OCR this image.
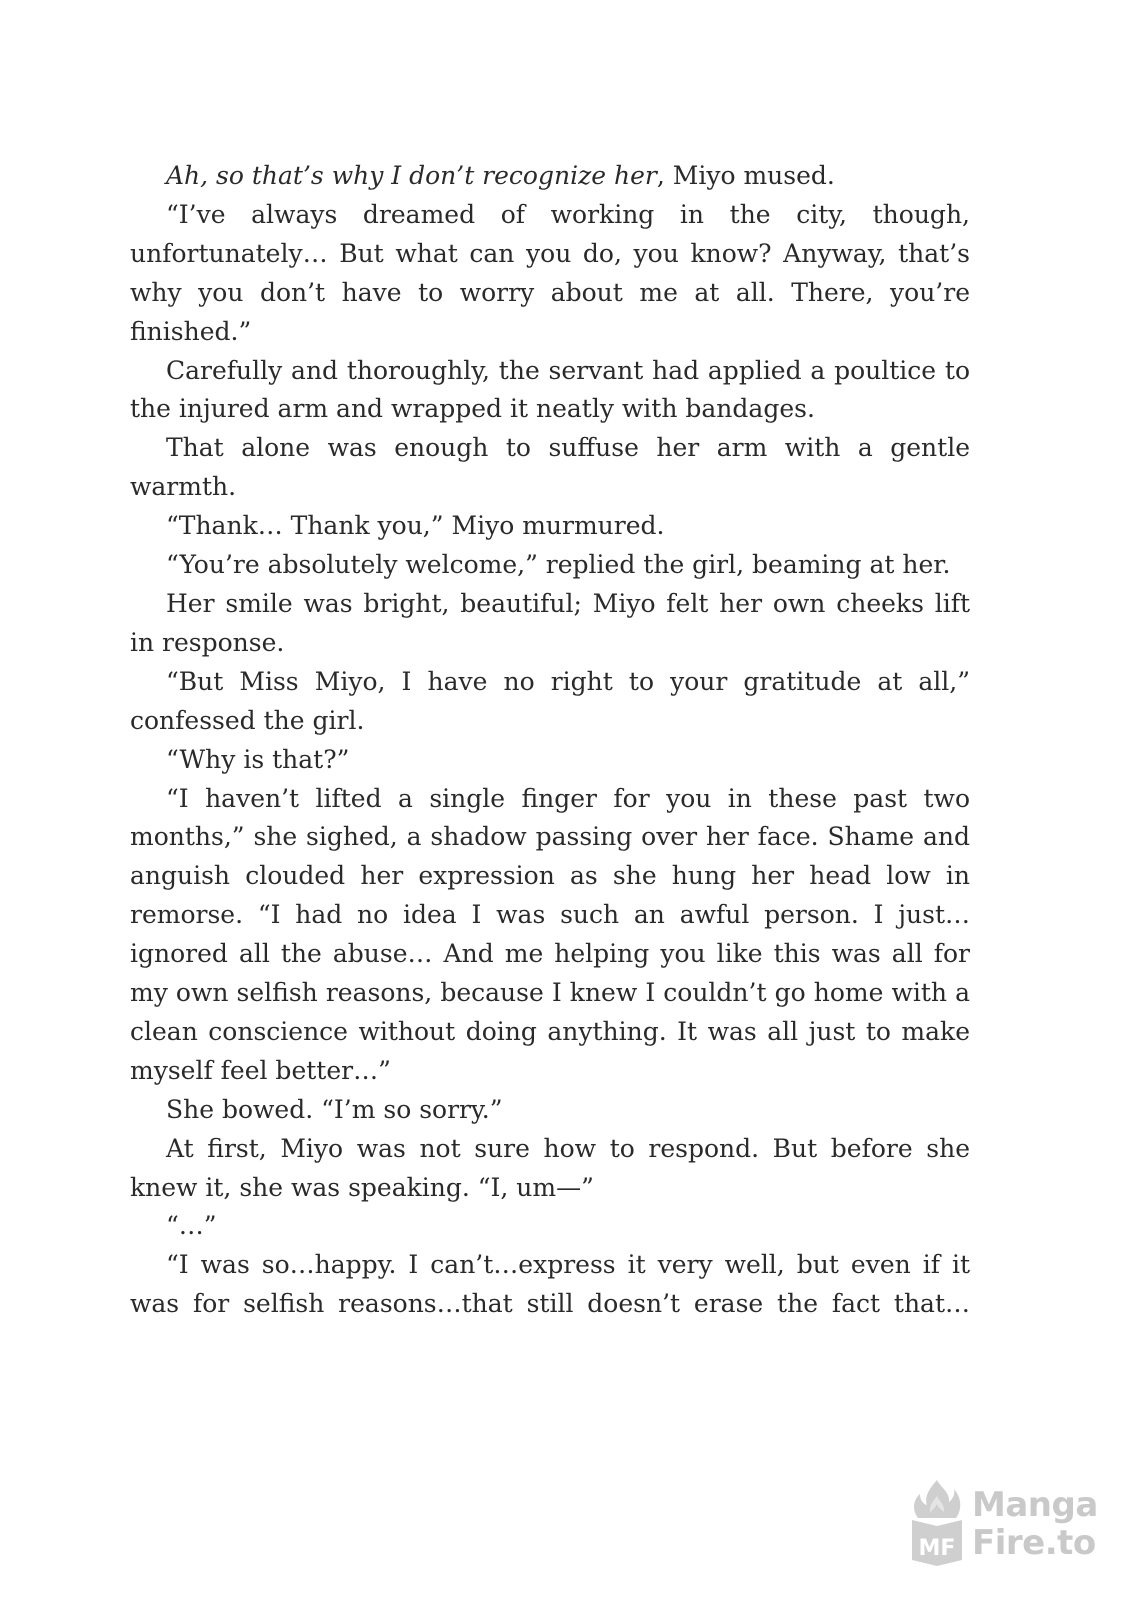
Ah, so that’s why I don’t recognize her, Miyo mused.

“I’ve always dreamed of working in the city, though, unfortunately… But what can you do, you know? Anyway, that’s why you don’t have to worry about me at all. There, you’re finished.”

Carefully and thoroughly, the servant had applied a poultice to the injured arm and wrapped it neatly with bandages.

That alone was enough to suffuse her arm with a gentle warmth.

“Thank… Thank you,” Miyo murmured.

“You’re absolutely welcome,” replied the girl, beaming at her.

Her smile was bright, beautiful; Miyo felt her own cheeks lift in response.

“But Miss Miyo, I have no right to your gratitude at all,” confessed the girl.

“Why is that?”

“I haven’t lifted a single finger for you in these past two months,” she sighed, a shadow passing over her face. Shame and anguish clouded her expression as she hung her head low in remorse. “I had no idea I was such an awful person. I just… ignored all the abuse… And me helping you like this was all for my own selfish reasons, because I knew I couldn’t go home with a clean conscience without doing anything. It was all just to make myself feel better…”

She bowed. “I’m so sorry.”

At first, Miyo was not sure how to respond. But before she knew it, she was speaking. “I, um—”

“…”

“I was so…happy. I can’t…express it very well, but even if it was for selfish reasons…that still doesn’t erase the fact that…

MF
Manga
Fire.to
